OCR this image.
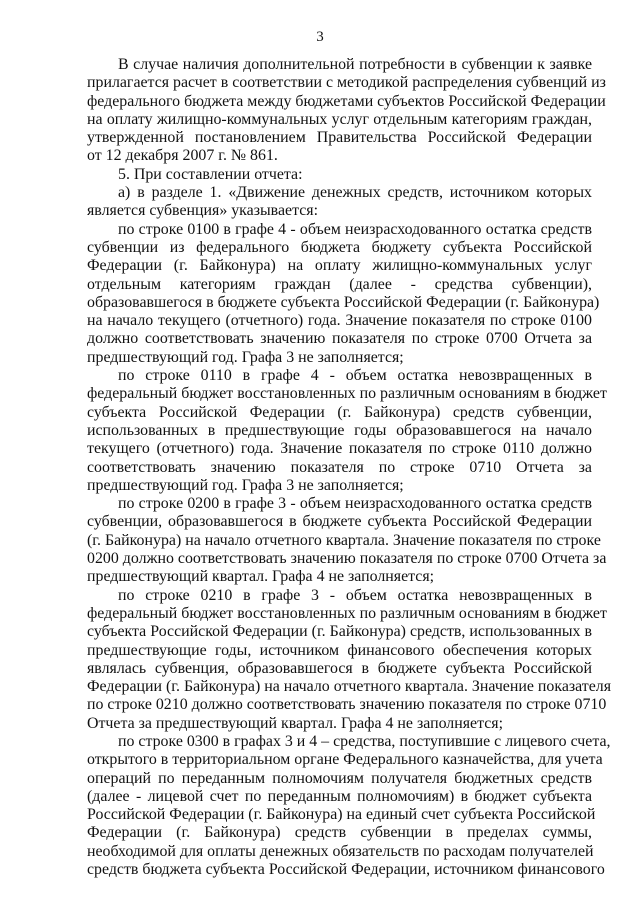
3

В случае наличия дополнительной потребности в субвенции к заявке
прилагается расчет в соответствии с методикой распределения субвенций из
федерального бюджета между бюджетами субъектов Российской Федерации
на оплату жилищно-коммунальных услуг отдельным категориям граждан,
утвержденной постановлением Правительства Российской Федерации
от 12 декабря 2007 г. № 861.

5. При составлении отчета:

а) в разделе 1. «Движение денежных средств, источником которых
является субвенция» указывается:

по строке 0100 в графе 4 - объем неизрасходованного остатка средств
субвенции из федерального бюджета бюджету субъекта Российской
Федерации (г. Байконура) на оплату жилищно-коммунальных услуг
отдельным категориям граждан (далее - средства субвенции),
образовавшегося в бюджете субъекта Российской Федерации (г. Байконура)
на начало текущего (отчетного) года. Значение показателя по строке 0100
должно соответствовать значению показателя по строке 0700 Отчета за
предшествующий год. Графа 3 не заполняется;

по строке 0110 в графе 4 - объем остатка невозвращенных в
федеральный бюджет восстановленных по различным основаниям в бюджет
субъекта Российской Федерации (г. Байконура) средств субвенции,
использованных в предшествующие годы образовавшегося на начало
текущего (отчетного) года. Значение показателя по строке 0110 должно
соответствовать значению показателя по строке 0710 Отчета за
предшествующий год. Графа 3 не заполняется;

по строке 0200 в графе 3 - объем неизрасходованного остатка средств
субвенции, образовавшегося в бюджете субъекта Российской Федерации
(г. Байконура) на начало отчетного квартала. Значение показателя по строке
0200 должно соответствовать значению показателя по строке 0700 Отчета за
предшествующий квартал. Графа 4 не заполняется;

по строке 0210 в графе 3 - объем остатка невозвращенных в
федеральный бюджет восстановленных по различным основаниям в бюджет
субъекта Российской Федерации (г. Байконура) средств, использованных в
предшествующие годы, источником финансового обеспечения которых
являлась субвенция, образовавшегося в бюджете субъекта Российской
Федерации (г. Байконура) на начало отчетного квартала. Значение показателя
по строке 0210 должно соответствовать значению показателя по строке 0710
Отчета за предшествующий квартал. Графа 4 не заполняется;

по строке 0300 в графах 3 и 4 – средства, поступившие с лицевого счета,
открытого в территориальном органе Федерального казначейства, для учета
операций по переданным полномочиям получателя бюджетных средств
(далее - лицевой счет по переданным полномочиям) в бюджет субъекта
Российской Федерации (г. Байконура) на единый счет субъекта Российской
Федерации (г. Байконура) средств субвенции в пределах суммы,
необходимой для оплаты денежных обязательств по расходам получателей
средств бюджета субъекта Российской Федерации, источником финансового
